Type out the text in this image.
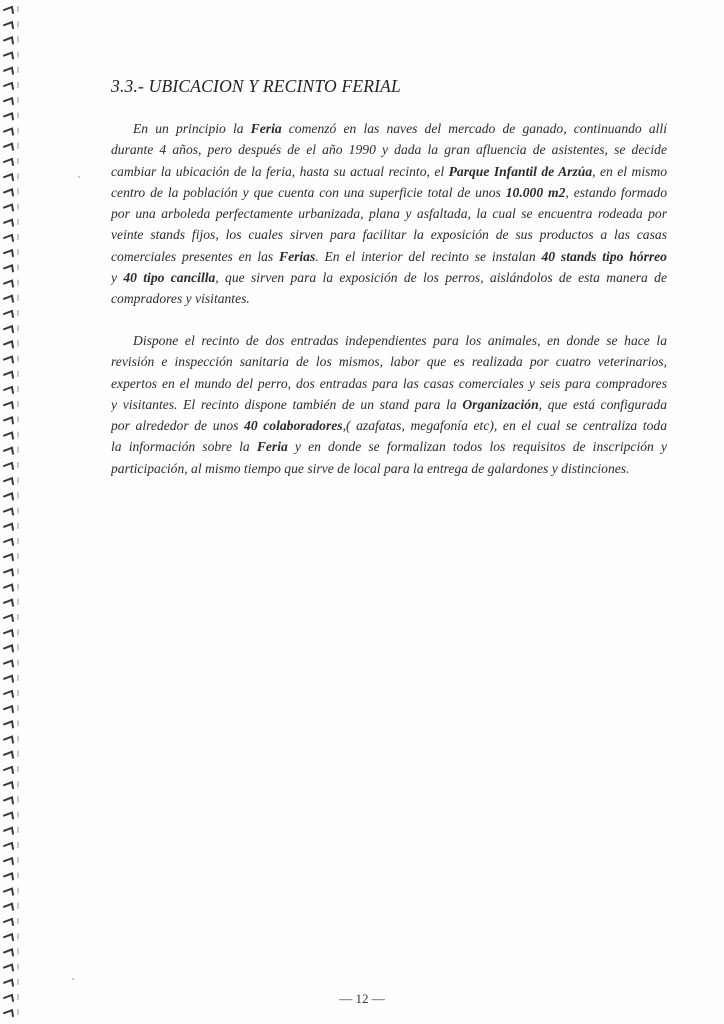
3.3.- UBICACION Y RECINTO FERIAL
En un principio la Feria comenzó en las naves del mercado de ganado, continuando allí
durante 4 años, pero después de el año 1990 y dada la gran afluencia de asistentes, se decide
cambiar la ubicación de la feria, hasta su actual recinto, el Parque Infantil de Arzúa, en el mismo
centro de la población y que cuenta con una superficie total de unos 10.000 m2, estando formado
por una arboleda perfectamente urbanizada, plana y asfaltada, la cual se encuentra rodeada por
veinte stands fijos, los cuales sirven para facilitar la exposición de sus productos a las casas
comerciales presentes en las Ferias. En el interior del recinto se instalan 40 stands tipo hórreo
y 40 tipo cancilla, que sirven para la exposición de los perros, aislándolos de esta manera de
compradores y visitantes.
Dispone el recinto de dos entradas independientes para los animales, en donde se hace la
revisión e inspección sanitaria de los mismos, labor que es realizada por cuatro veterinarios,
expertos en el mundo del perro, dos entradas para las casas comerciales y seis para compradores
y visitantes. El recinto dispone también de un stand para la Organización, que está configurada
por alrededor de unos 40 colaboradores,( azafatas, megafonía etc), en el cual se centraliza toda
la información sobre la Feria y en donde se formalizan todos los requisitos de inscripción y
participación, al mismo tiempo que sirve de local para la entrega de galardones y distinciones.
— 12 —
